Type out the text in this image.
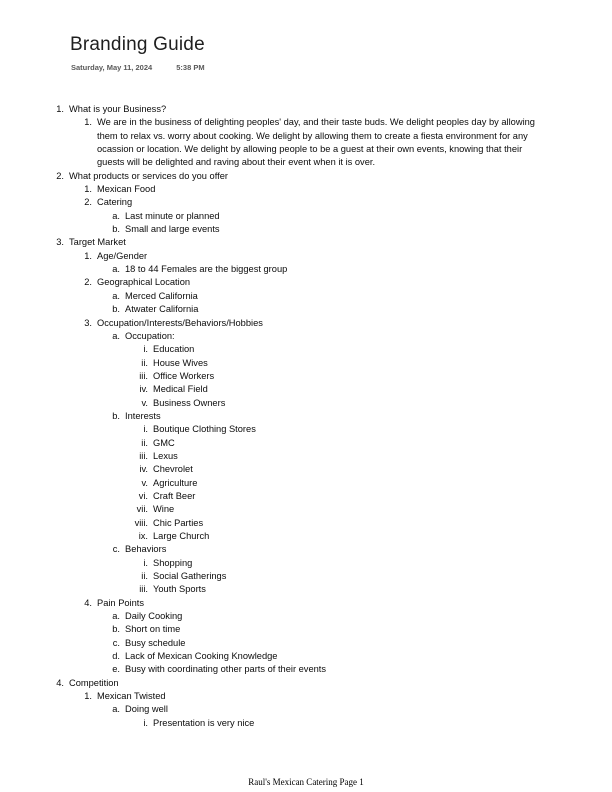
Branding Guide
Saturday, May 11, 2024	5:38 PM
1. What is your Business?
1. We are in the business of delighting peoples' day, and their taste buds. We delight peoples day by allowing them to relax vs. worry about cooking. We delight by allowing them to create a fiesta environment for any ocassion or location. We delight by allowing people to be a guest at their own events, knowing that their guests will be delighted and raving about their event when it is over.
2. What products or services do you offer
1. Mexican Food
2. Catering
a. Last minute or planned
b. Small and large events
3. Target Market
1. Age/Gender
a. 18 to 44 Females are the biggest group
2. Geographical Location
a. Merced California
b. Atwater California
3. Occupation/Interests/Behaviors/Hobbies
a. Occupation:
i. Education
ii. House Wives
iii. Office Workers
iv. Medical Field
v. Business Owners
b. Interests
i. Boutique Clothing Stores
ii. GMC
iii. Lexus
iv. Chevrolet
v. Agriculture
vi. Craft Beer
vii. Wine
viii. Chic Parties
ix. Large Church
c. Behaviors
i. Shopping
ii. Social Gatherings
iii. Youth Sports
4. Pain Points
a. Daily Cooking
b. Short on time
c. Busy schedule
d. Lack of Mexican Cooking Knowledge
e. Busy with coordinating other parts of their events
4. Competition
1. Mexican Twisted
a. Doing well
i. Presentation is very nice
Raul's Mexican Catering Page 1
